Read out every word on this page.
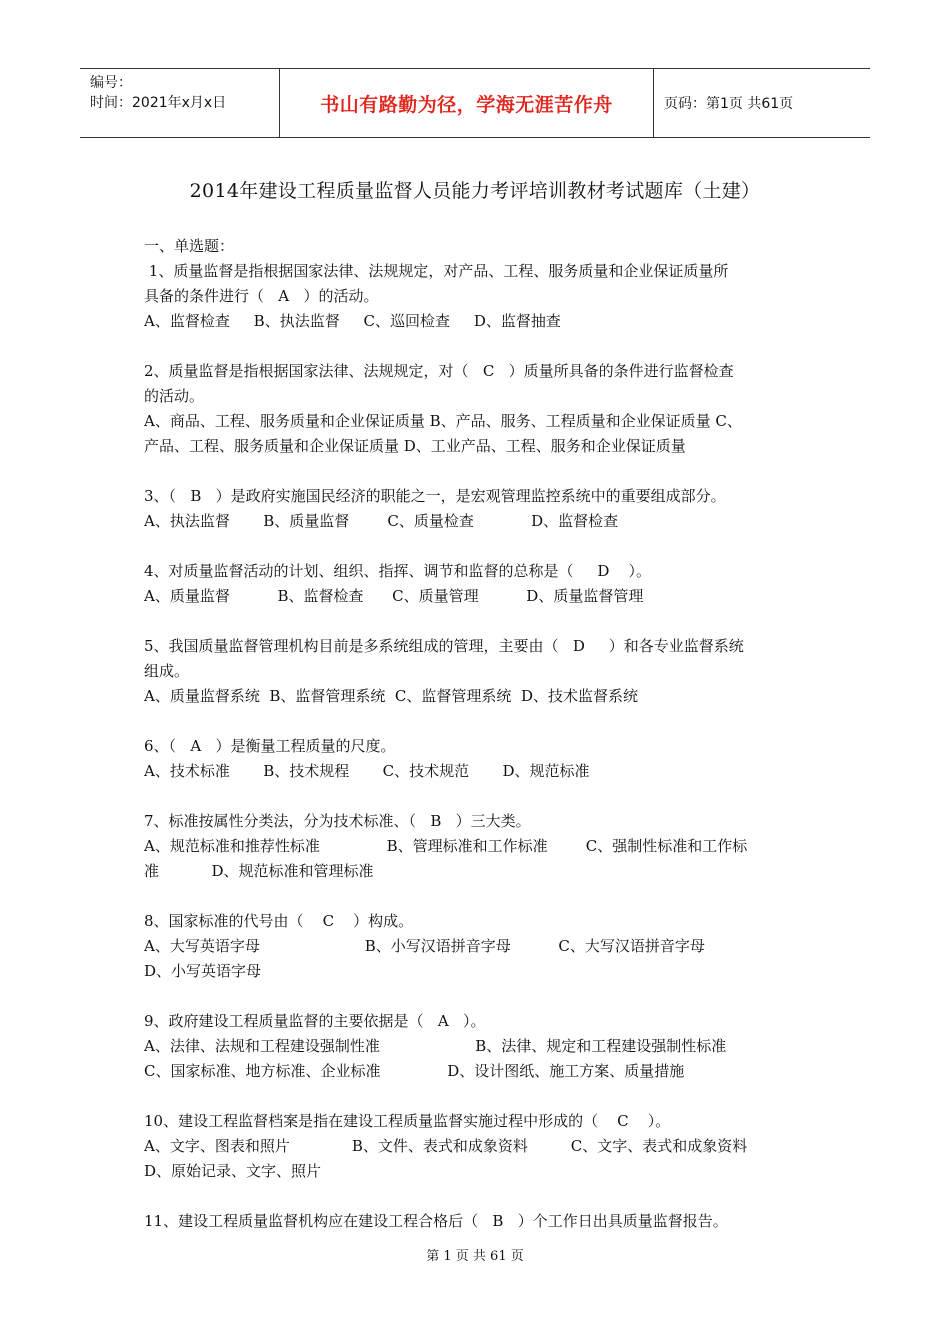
编号：
时间：2021年x月x日	书山有路勤为径，学海无涯苦作舟	页码：第1页 共61页
2014年建设工程质量监督人员能力考评培训教材考试题库（土建）

一、单选题：

1、质量监督是指根据国家法律、法规规定，对产品、工程、服务质量和企业保证质量所

具备的条件进行（   A   ）的活动。

A、监督检查     B、执法监督     C、巡回检查     D、监督抽查

2、质量监督是指根据国家法律、法规规定，对（   C   ）质量所具备的条件进行监督检查

的活动。

A、商品、工程、服务质量和企业保证质量 B、产品、服务、工程质量和企业保证质量 C、

产品、工程、服务质量和企业保证质量 D、工业产品、工程、服务和企业保证质量

3、（   B   ）是政府实施国民经济的职能之一，是宏观管理监控系统中的重要组成部分。

A、执法监督       B、质量监督        C、质量检查            D、监督检查

4、对质量监督活动的计划、组织、指挥、调节和监督的总称是（     D    ）。

A、质量监督          B、监督检查      C、质量管理          D、质量监督管理

5、我国质量监督管理机构目前是多系统组成的管理，主要由（   D     ）和各专业监督系统

组成。

A、质量监督系统  B、监督管理系统  C、监督管理系统  D、技术监督系统

6、（   A   ）是衡量工程质量的尺度。

A、技术标准       B、技术规程       C、技术规范       D、规范标准

7、标准按属性分类法，分为技术标准、（   B   ）三大类。

A、规范标准和推荐性标准              B、管理标准和工作标准        C、强制性标准和工作标

准           D、规范标准和管理标准

8、国家标准的代号由（    C    ）构成。

A、大写英语字母                      B、小写汉语拼音字母          C、大写汉语拼音字母

D、小写英语字母

9、政府建设工程质量监督的主要依据是（   A   ）。

A、法律、法规和工程建设强制性准                    B、法律、规定和工程建设强制性标准

C、国家标准、地方标准、企业标准              D、设计图纸、施工方案、质量措施

10、建设工程监督档案是指在建设工程质量监督实施过程中形成的（    C    ）。

A、文字、图表和照片             B、文件、表式和成象资料         C、文字、表式和成象资料

D、原始记录、文字、照片

11、建设工程质量监督机构应在建设工程合格后（   B   ）个工作日出具质量监督报告。

第 1 页 共 61 页
